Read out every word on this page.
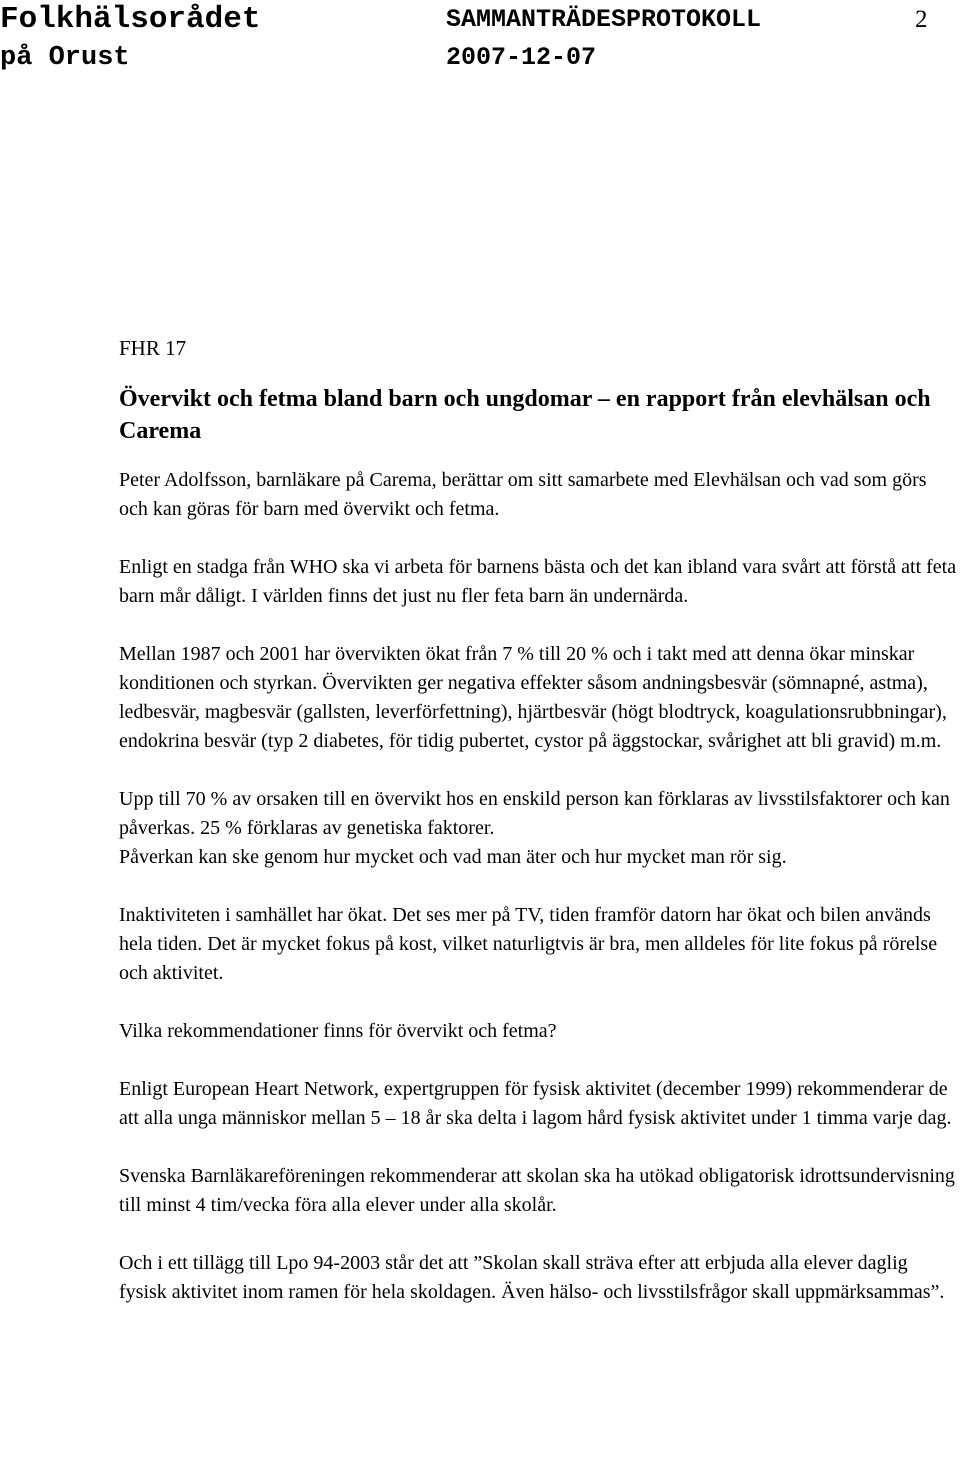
Folkhälsorådet
på Orust
SAMMANTRÄDESPROTOKOLL
2007-12-07
2
FHR 17
Övervikt och fetma bland barn och ungdomar – en rapport från elevhälsan och Carema

Peter Adolfsson, barnläkare på Carema, berättar om sitt samarbete med Elevhälsan och vad som görs och kan göras för barn med övervikt och fetma.

Enligt en stadga från WHO ska vi arbeta för barnens bästa och det kan ibland vara svårt att förstå att feta barn mår dåligt. I världen finns det just nu fler feta barn än undernärda.

Mellan 1987 och 2001 har övervikten ökat från 7 % till 20 % och i takt med att denna ökar minskar konditionen och styrkan. Övervikten ger negativa effekter såsom andningsbesvär (sömnapné, astma), ledbesvär, magbesvär (gallsten, leverförfettning), hjärtbesvär (högt blodtryck, koagulationsrubbningar), endokrina besvär (typ 2 diabetes, för tidig pubertet, cystor på äggstockar, svårighet att bli gravid) m.m.

Upp till 70 % av orsaken till en övervikt hos en enskild person kan förklaras av livsstilsfaktorer och kan påverkas. 25 % förklaras av genetiska faktorer.
Påverkan kan ske genom hur mycket och vad man äter och hur mycket man rör sig.

Inaktiviteten i samhället har ökat. Det ses mer på TV, tiden framför datorn har ökat och bilen används hela tiden. Det är mycket fokus på kost, vilket naturligtvis är bra, men alldeles för lite fokus på rörelse och aktivitet.

Vilka rekommendationer finns för övervikt och fetma?

Enligt European Heart Network, expertgruppen för fysisk aktivitet (december 1999) rekommenderar de att alla unga människor mellan 5 – 18 år ska delta i lagom hård fysisk aktivitet under 1 timma varje dag.

Svenska Barnläkareföreningen rekommenderar att skolan ska ha utökad obligatorisk idrottsundervisning till minst 4 tim/vecka föra alla elever under alla skolår.

Och i ett tillägg till Lpo 94-2003 står det att ”Skolan skall sträva efter att erbjuda alla elever daglig fysisk aktivitet inom ramen för hela skoldagen. Även hälso- och livsstilsfrågor skall uppmärksammas”.
